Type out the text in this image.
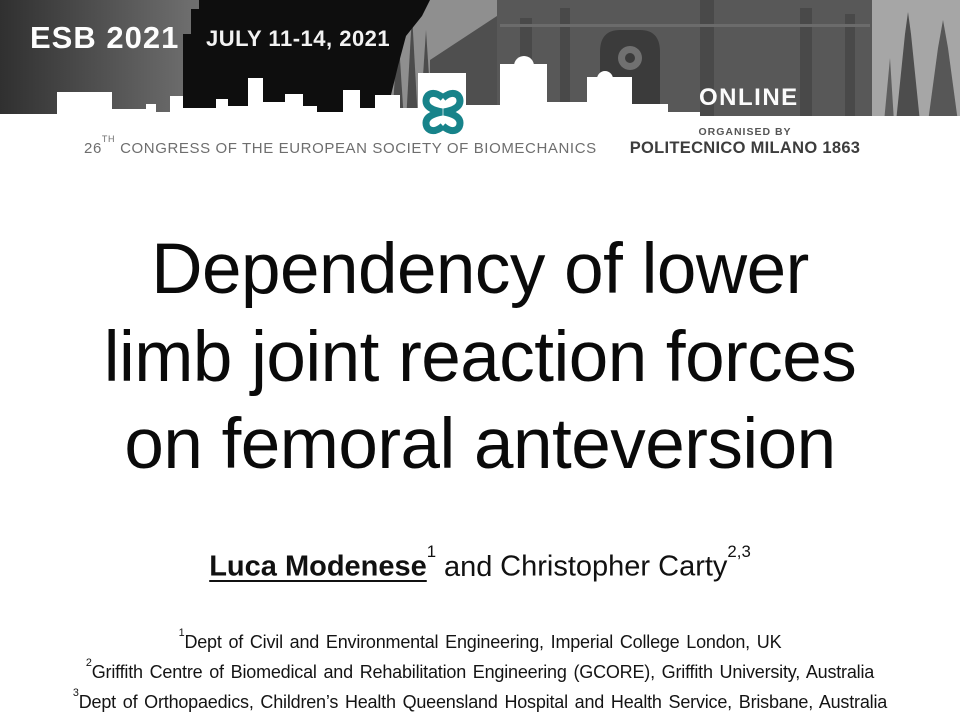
ESB 2021 JULY 11-14, 2021
ONLINE
26THCONGRESS OF THE EUROPEAN SOCIETY OF BIOMECHANICS
ORGANISED BY
POLITECNICO MILANO 1863
Dependency of lower
limb joint reaction forces
on femoral anteversion
Luca Modenese$^1$ and Christopher Carty$^{2,3}$
$^1$Dept of Civil and Environmental Engineering, Imperial College London, UK
$^2$Griffith Centre of Biomedical and Rehabilitation Engineering (GCORE), Griffith University, Australia
$^3$Dept of Orthopaedics, Children’s Health Queensland Hospital and Health Service, Brisbane, Australia
